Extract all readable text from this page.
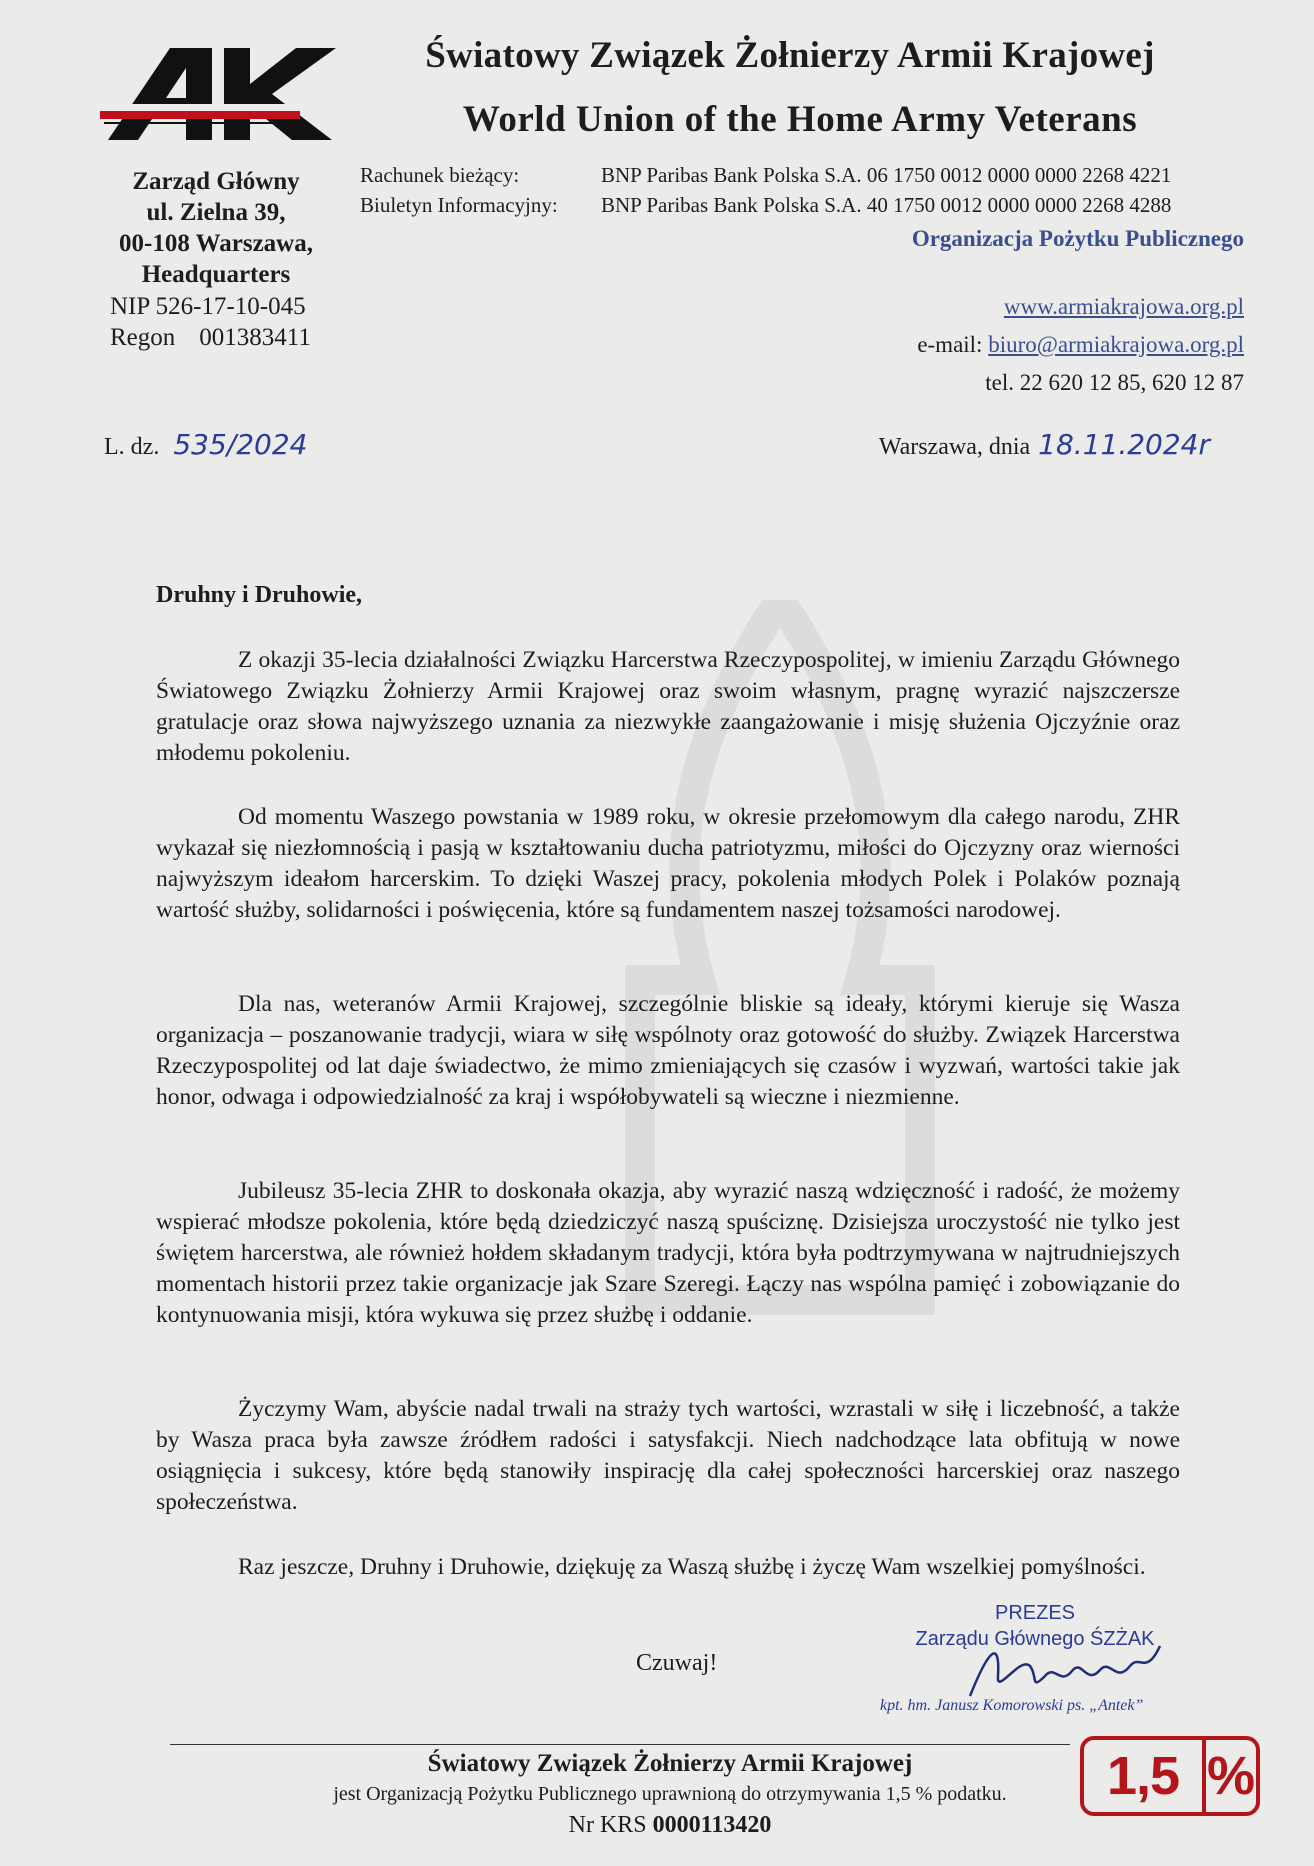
Światowy Związek Żołnierzy Armii Krajowej
World Union of the Home Army Veterans
Zarząd Główny
ul. Zielna 39,
00-108 Warszawa,
Headquarters
NIP 526-17-10-045
Regon 001383411
Rachunek bieżący:	BNP Paribas Bank Polska S.A. 06 1750 0012 0000 0000 2268 4221
Biuletyn Informacyjny: BNP Paribas Bank Polska S.A. 40 1750 0012 0000 0000 2268 4288
Organizacja Pożytku Publicznego
www.armiakrajowa.org.pl
e-mail: biuro@armiakrajowa.org.pl
tel. 22 620 12 85, 620 12 87
L. dz. 535/2024	Warszawa, dnia 18.11.2024r
Druhny i Druhowie,

Z okazji 35-lecia działalności Związku Harcerstwa Rzeczypospolitej, w imieniu Zarządu Głównego Światowego Związku Żołnierzy Armii Krajowej oraz swoim własnym, pragnę wyrazić najszczersze gratulacje oraz słowa najwyższego uznania za niezwykłe zaangażowanie i misję służenia Ojczyźnie oraz młodemu pokoleniu.

Od momentu Waszego powstania w 1989 roku, w okresie przełomowym dla całego narodu, ZHR wykazał się niezłomnością i pasją w kształtowaniu ducha patriotyzmu, miłości do Ojczyzny oraz wierności najwyższym ideałom harcerskim. To dzięki Waszej pracy, pokolenia młodych Polek i Polaków poznają wartość służby, solidarności i poświęcenia, które są fundamentem naszej tożsamości narodowej.

Dla nas, weteranów Armii Krajowej, szczególnie bliskie są ideały, którymi kieruje się Wasza organizacja – poszanowanie tradycji, wiara w siłę wspólnoty oraz gotowość do służby. Związek Harcerstwa Rzeczypospolitej od lat daje świadectwo, że mimo zmieniających się czasów i wyzwań, wartości takie jak honor, odwaga i odpowiedzialność za kraj i współobywateli są wieczne i niezmienne.

Jubileusz 35-lecia ZHR to doskonała okazja, aby wyrazić naszą wdzięczność i radość, że możemy wspierać młodsze pokolenia, które będą dziedziczyć naszą spuściznę. Dzisiejsza uroczystość nie tylko jest świętem harcerstwa, ale również hołdem składanym tradycji, która była podtrzymywana w najtrudniejszych momentach historii przez takie organizacje jak Szare Szeregi. Łączy nas wspólna pamięć i zobowiązanie do kontynuowania misji, która wykuwa się przez służbę i oddanie.

Życzymy Wam, abyście nadal trwali na straży tych wartości, wzrastali w siłę i liczebność, a także by Wasza praca była zawsze źródłem radości i satysfakcji. Niech nadchodzące lata obfitują w nowe osiągnięcia i sukcesy, które będą stanowiły inspirację dla całej społeczności harcerskiej oraz naszego społeczeństwa.

Raz jeszcze, Druhny i Druhowie, dziękuję za Waszą służbę i życzę Wam wszelkiej pomyślności.

PREZES
Zarządu Głównego ŚZŻAK
Czuwaj!
kpt. hm. Janusz Komorowski ps. „Antek”
Światowy Związek Żołnierzy Armii Krajowej
jest Organizacją Pożytku Publicznego uprawnioną do otrzymywania 1,5 % podatku.
Nr KRS 0000113420
1,5 %
